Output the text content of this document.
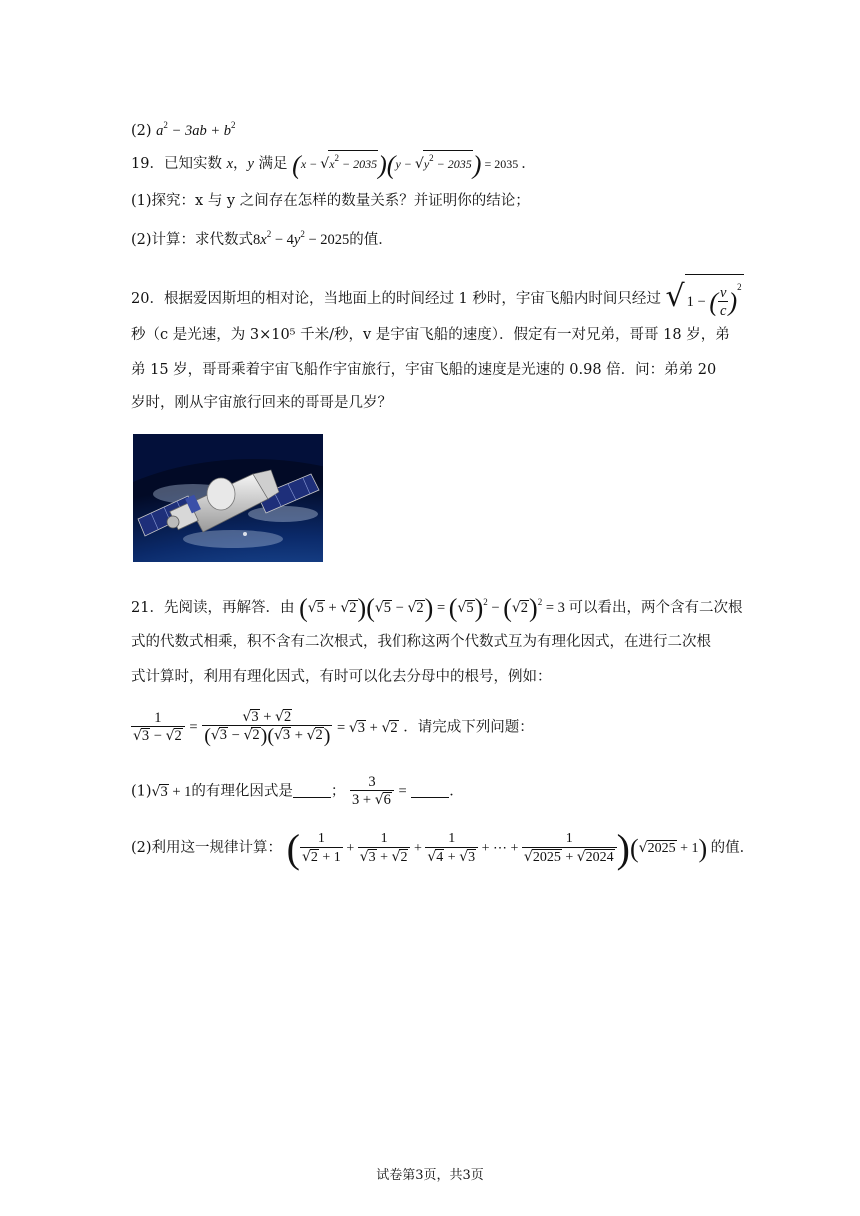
(2) $a^2 - 3ab + b^2$
19．已知实数 x，y 满足 $(x - √x^2 - 2035)(y - √y^2 - 2035) = 2035$ ．
(1)探究：x 与 y 之间存在怎样的数量关系？并证明你的结论；
(2)计算：求代数式$8x^2 - 4y^2 - 2025$的值．
20．根据爱因斯坦的相对论，当地面上的时间经过 1 秒时，宇宙飞船内时间只经过 √ 1 − ( $\frac{v}{c} )^2$
秒（c 是光速，为 3×10⁵ 千米/秒，v 是宇宙飞船的速度）．假定有一对兄弟，哥哥 18 岁，弟
弟 15 岁，哥哥乘着宇宙飞船作宇宙旅行，宇宙飞船的速度是光速的 0.98 倍．问：弟弟 20
岁时，刚从宇宙旅行回来的哥哥是几岁？
21．先阅读，再解答．由 $(√5 + √2)(√5 - √2) = (√5)^2 - (√2)^2 = 3$ 可以看出，两个含有二次根
式的代数式相乘，积不含有二次根式，我们称这两个代数式互为有理化因式，在进行二次根
式计算时，利用有理化因式，有时可以化去分母中的根号，例如：
$\frac{1}{√3 - √2} = \frac{√3 + √2}{(√3 - √2)(√3 + √2)} = √3 + √2$ ．请完成下列问题：
(1)√3 + 1的有理化因式是	； $\frac{3}{3 + √6}$ =	．
(2)利用这一规律计算： ( $\frac{1}{√2 + 1} + \frac{1}{√3 + √2} + \frac{1}{√4 + √3}$ + ⋯ + $\frac{1}{√2025 + √2024} )(√2025 + 1)$ 的值．
试卷第3页，共3页
